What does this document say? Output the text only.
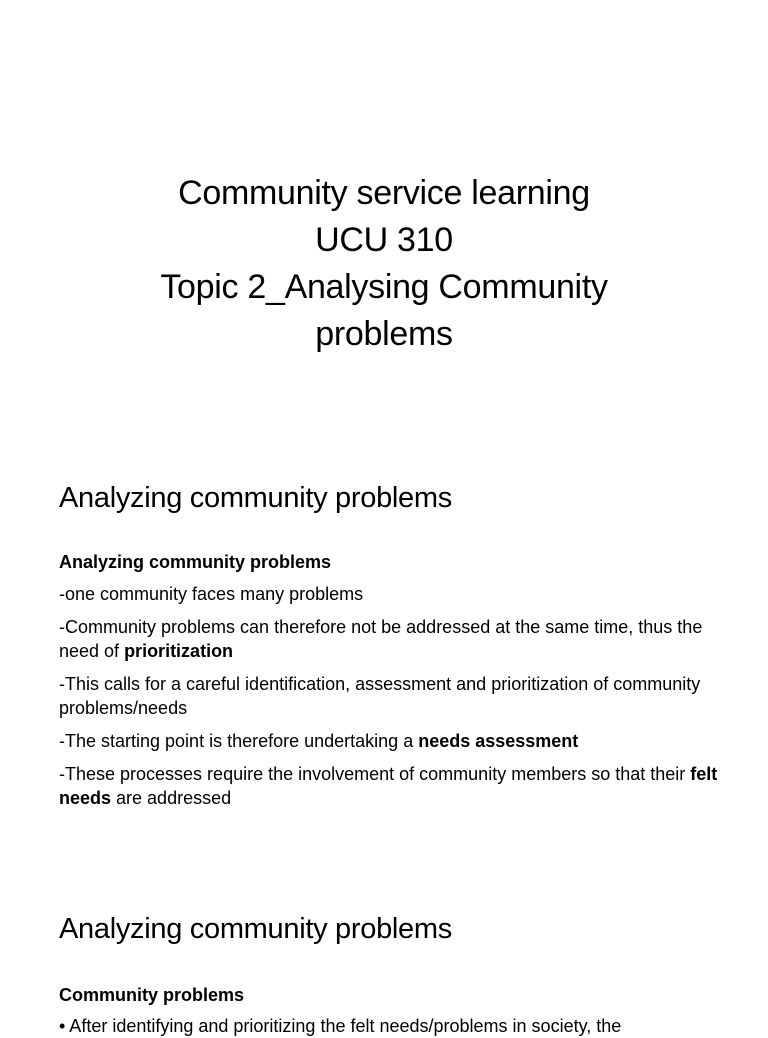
Community service learning
UCU 310
Topic 2_Analysing Community
problems
Analyzing community problems
Analyzing community problems

-one community faces many problems

-Community problems can therefore not be addressed at the same time, thus the need of prioritization

-This calls for a careful identification, assessment and prioritization of community problems/needs

-The starting point is therefore undertaking a needs assessment

-These processes require the involvement of community members so that their felt needs are addressed

Analyzing community problems
Community problems
• After identifying and prioritizing the felt needs/problems in society, the
